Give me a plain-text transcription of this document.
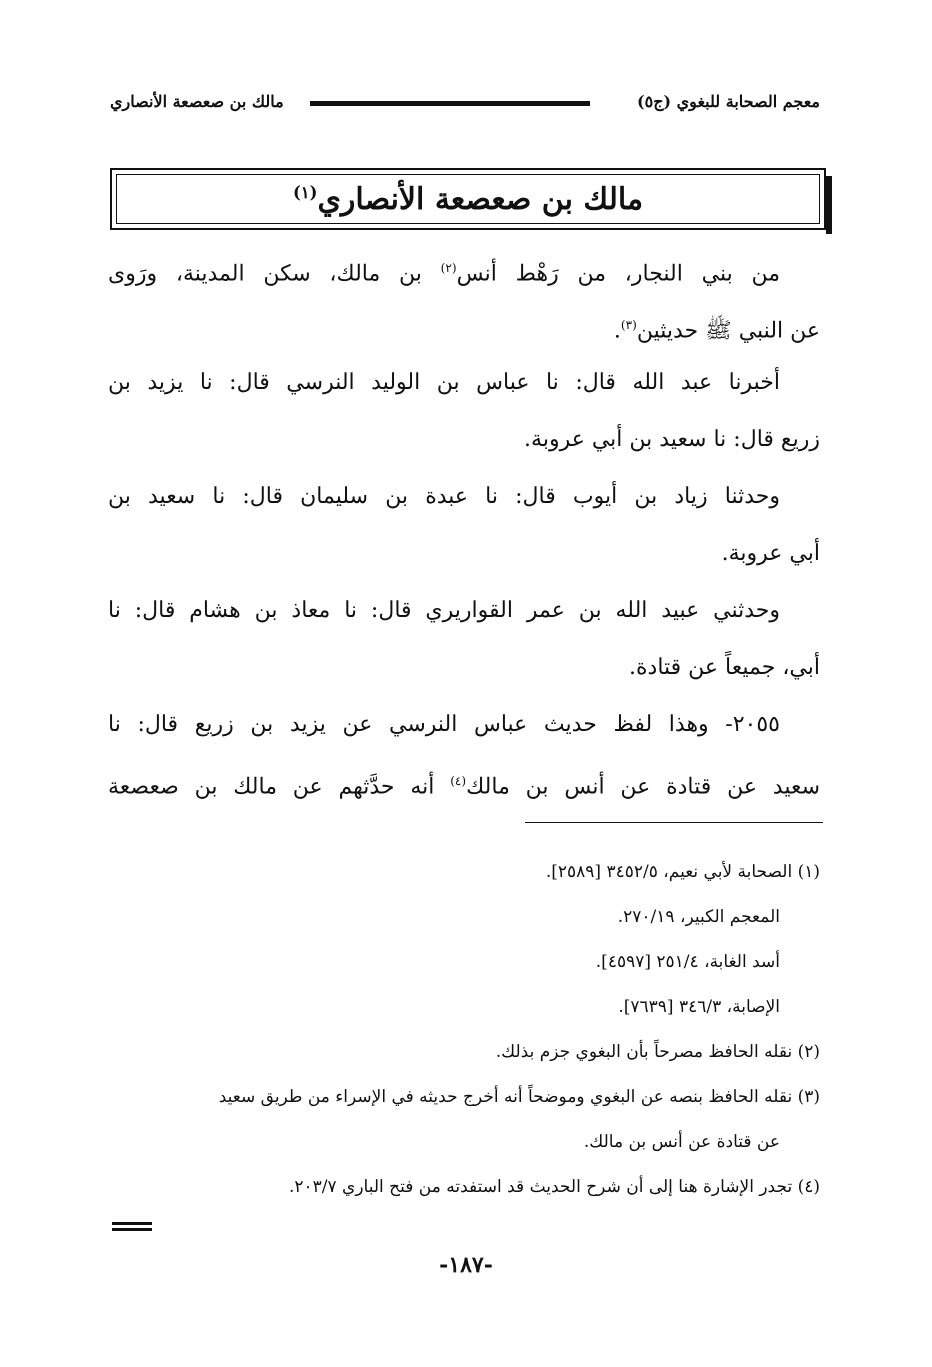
معجم الصحابة للبغوي (ج٥)
مالك بن صعصعة الأنصاري
مالك بن صعصعة الأنصاري$^{(١)}$
من بني النجار، من رَهْط أنس$^{(٢)}$ بن مالك، سكن المدينة، ورَوى
عن النبي ﷺ حديثين$^{(٣)}$.
أخبرنا عبد الله قال: نا عباس بن الوليد النرسي قال: نا يزيد بن
زريع قال: نا سعيد بن أبي عروبة.
وحدثنا زياد بن أيوب قال: نا عبدة بن سليمان قال: نا سعيد بن
أبي عروبة.
وحدثني عبيد الله بن عمر القواريري قال: نا معاذ بن هشام قال: نا
أبي، جميعاً عن قتادة.
٢٠٥٥- وهذا لفظ حديث عباس النرسي عن يزيد بن زريع قال: نا
سعيد عن قتادة عن أنس بن مالك$^{(٤)}$ أنه حدَّثهم عن مالك بن صعصعة
(١) الصحابة لأبي نعيم، ٣٤٥٢/٥ [٢٥٨٩].
المعجم الكبير، ٢٧٠/١٩.
أسد الغابة، ٢٥١/٤ [٤٥٩٧].
الإصابة، ٣٤٦/٣ [٧٦٣٩].
(٢) نقله الحافظ مصرحاً بأن البغوي جزم بذلك.
(٣) نقله الحافظ بنصه عن البغوي وموضحاً أنه أخرج حديثه في الإسراء من طريق سعيد
عن قتادة عن أنس بن مالك.
(٤) تجدر الإشارة هنا إلى أن شرح الحديث قد استفدته من فتح الباري ٢٠٣/٧.
-١٨٧-
